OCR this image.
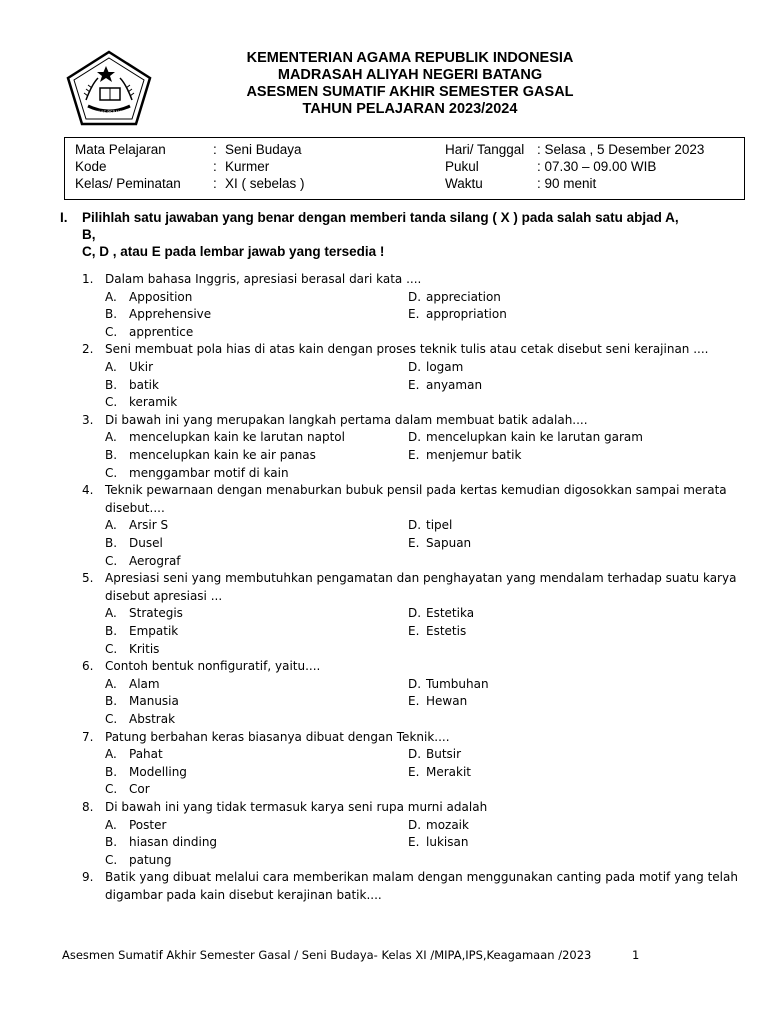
IKHLAS BERAMAL
KEMENTERIAN AGAMA REPUBLIK INDONESIA
MADRASAH ALIYAH NEGERI BATANG
ASESMEN SUMATIF AKHIR SEMESTER GASAL
TAHUN PELAJARAN 2023/2024
Mata Pelajaran	: Seni Budaya	Hari/ Tanggal : Selasa , 5 Desember 2023
Kode	: Kurmer	Pukul	: 07.30 – 09.00 WIB
Kelas/ Peminatan : XI ( sebelas )	Waktu	: 90 menit
I. Pilihlah satu jawaban yang benar dengan memberi tanda silang ( X ) pada salah satu abjad A,
B,
C, D , atau E pada lembar jawab yang tersedia !
1. Dalam bahasa Inggris, apresiasi berasal dari kata ....
A. Apposition
B. Apprehensive
C. apprentice
D. appreciation
E. appropriation
2. Seni membuat pola hias di atas kain dengan proses teknik tulis atau cetak disebut seni kerajinan ....
A. Ukir
B. batik
C. keramik
D. logam
E. anyaman
3. Di bawah ini yang merupakan langkah pertama dalam membuat batik adalah....
A. mencelupkan kain ke larutan naptol
B. mencelupkan kain ke air panas
C. menggambar motif di kain
D. mencelupkan kain ke larutan garam
E. menjemur batik
4. Teknik pewarnaan dengan menaburkan bubuk pensil pada kertas kemudian digosokkan sampai merata
disebut....
A. Arsir S
B. Dusel
C. Aerograf
D. tipel
E. Sapuan
5. Apresiasi seni yang membutuhkan pengamatan dan penghayatan yang mendalam terhadap suatu karya
disebut apresiasi ...
A. Strategis
B. Empatik
C. Kritis
D. Estetika
E. Estetis
6. Contoh bentuk nonfiguratif, yaitu....
A. Alam
B. Manusia
C. Abstrak
D. Tumbuhan
E. Hewan
7. Patung berbahan keras biasanya dibuat dengan Teknik....
A. Pahat
B. Modelling
C. Cor
D. Butsir
E. Merakit
8. Di bawah ini yang tidak termasuk karya seni rupa murni adalah
A. Poster
B. hiasan dinding
C. patung
D. mozaik
E. lukisan
9. Batik yang dibuat melalui cara memberikan malam dengan menggunakan canting pada motif yang telah
digambar pada kain disebut kerajinan batik....
Asesmen Sumatif Akhir Semester Gasal / Seni Budaya- Kelas XI /MIPA,IPS,Keagamaan /2023	1
